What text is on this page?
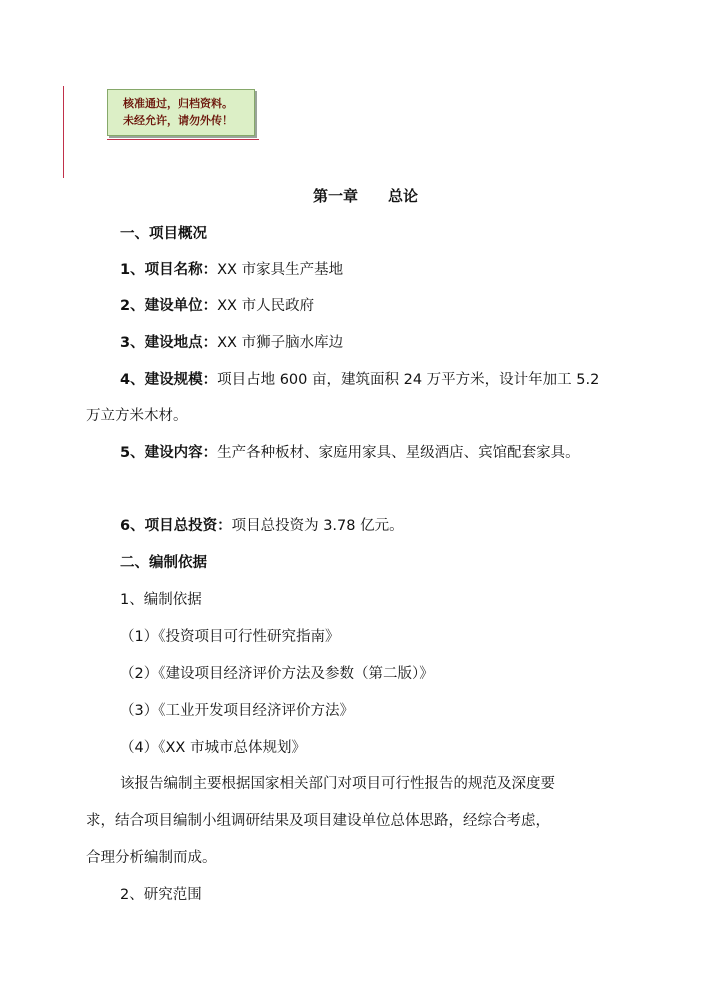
核准通过，归档资料。
未经允许，请勿外传！
第一章 总论
一、项目概况
1、项目名称：XX 市家具生产基地
2、建设单位：XX 市人民政府
3、建设地点：XX 市狮子脑水库边
4、建设规模：项目占地 600 亩，建筑面积 24 万平方米，设计年加工 5.2
万立方米木材。
5、建设内容：生产各种板材、家庭用家具、星级酒店、宾馆配套家具。
6、项目总投资：项目总投资为 3.78 亿元。
二、编制依据
1、编制依据
（1）《投资项目可行性研究指南》
（2）《建设项目经济评价方法及参数（第二版）》
（3）《工业开发项目经济评价方法》
（4）《XX 市城市总体规划》
该报告编制主要根据国家相关部门对项目可行性报告的规范及深度要
求，结合项目编制小组调研结果及项目建设单位总体思路，经综合考虑，
合理分析编制而成。
2、研究范围
